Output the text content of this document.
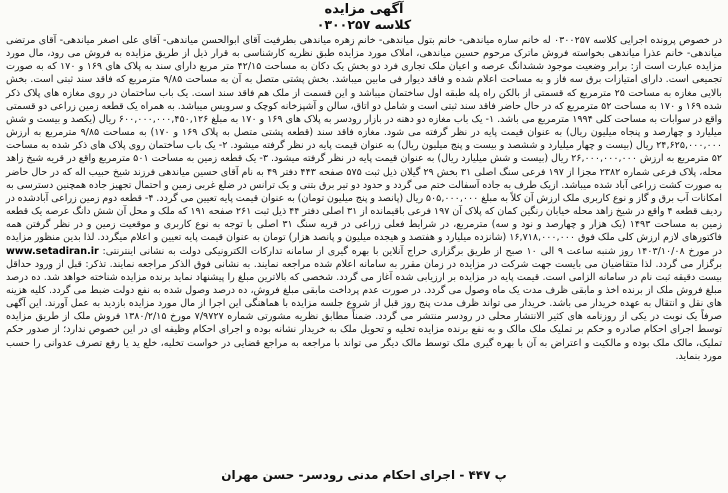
آگهی مزایده

کلاسه ۰۳۰۰۲۵۷

در خصوص پرونده اجرایی کلاسه ۰۳۰۰۲۵۷ له خانم ساره میاندهی- خانم بتول میاندهی- خانم زهره میاندهی بطرفیت آقای ابوالحسن میاندهی- آقای علی اصغر میاندهی- آقای مرتضی میاندهی- خانم عذرا میاندهی بخواسته فروش ماترک مرحوم حسین میاندهی، املاک مورد مزایده طبق نظریه کارشناسی به قرار ذیل از طریق مزایده به فروش می رود، مال مورد مزایده عبارت است از: برابر وضعیت موجود ششدانگ عرصه و اعیان ملک تجاری فرد دو بخش یک دکان به مساحت ۴۲/۱۵ متر مربع دارای سند به پلاک های ۱۶۹ و ۱۷۰ که به صورت تجمیعی است. دارای امتیازات برق سه فاز و به مساحت اعلام شده و فاقد دیوار فی مابین میباشد. بخش پشتی متصل به آن به مساحت ۹/۸۵ مترمربع که فاقد سند ثبتی است. بخش بالایی مغازه به مساحت ۲۵ مترمربع که قسمتی از بالکن راه پله طبقه اول ساختمان میباشد و این قسمت از ملک هم فاقد سند است. یک باب ساختمان در روی مغازه های پلاک ذکر شده ۱۶۹ و ۱۷۰ به مساحت ۵۲ مترمربع که در حال حاضر فاقد سند ثبتی است و شامل دو اتاق، سالن و آشپزخانه کوچک و سرویس میباشد. به همراه یک قطعه زمین زراعی دو قسمتی واقع در سوابات به مساحت کلی ۱۹۹۴ مترمربع می باشد. ۱- یک باب مغازه دو دهنه در بازار رودسر به پلاک های ۱۶۹ و ۱۷۰ به مبلغ ۶۰۰,۰۰۰,۰۰۰,۴۵۰,۱۲۶ ریال (یکصد و بیست و شش میلیارد و چهارصد و پنجاه میلیون ریال) به عنوان قیمت پایه در نظر گرفته می شود. مغازه فاقد سند (قطعه پشتی متصل به پلاک ۱۶۹ و ۱۷۰) به مساحت ۹/۸۵ مترمربع به ارزش ۲۴,۶۲۵,۰۰۰,۰۰۰ ریال (بیست و چهار میلیارد و ششصد و بیست و پنج میلیون ریال) به عنوان قیمت پایه در نظر گرفته میشود. ۲- یک باب ساختمان روی پلاک های ذکر شده به مساحت ۵۲ مترمربع به ارزش ۲۶,۰۰۰,۰۰۰,۰۰۰ ریال (بیست و شش میلیارد ریال) به عنوان قیمت پایه در نظر گرفته میشود. ۳- یک قطعه زمین به مساحت ۵۰۱ مترمربع واقع در قریه شیخ زاهد محله، پلاک فرعی شماره ۲۳۸۲ مجزا از ۱۹۷ فرعی سنگ اصلی ۳۱ بخش ۲۹ گیلان ذیل ثبت ۵۷۵ صفحه ۴۴۳ دفتر ۴۹ به نام آقای حسین میاندهی فرزند شیخ حبیب اله که در حال حاضر به صورت کشت زراعی آباد شده میباشد. ازیک طرف به جاده آسفالت ختم می گردد و حدود دو تیر برق بتنی و یک ترانس در ضلع غربی زمین و احتمال تجهیز جاده همچنین دسترسی به امکانات آب برق و گاز و نوع کاربری ملک ارزش آن کلاً به مبلغ ۵۰۵,۰۰۰,۰۰۰ ریال (پانصد و پنج میلیون تومان) به عنوان قیمت پایه تعیین می گردد. ۴- قطعه دوم زمین زراعی آبادشده در ردیف قطعه ۴ واقع در شیخ زاهد محله خیابان رنگین کمان که پلاک آن ۱۹۷ فرعی باقیمانده از ۳۱ اصلی دفتر ۴۴ ذیل ثبت ۲۶۱ صفحه ۱۹۱ که ملک و محل آن شش دانگ عرصه یک قطعه زمین به مساحت ۱۴۹۳ (یک هزار و چهارصد و نود و سه) مترمربع، در شرایط فعلی زراعی در قریه سنگ ۳۱ اصلی با توجه به نوع کاربری و موقعیت زمین و در نظر گرفتن همه فاکتورهای لازم ارزش کلی ملک فوق ۱۶,۷۱۸,۰۰۰,۰۰۰ (شانزده میلیارد و هفتصد و هیجده میلیون و پانصد هزار) تومان به عنوان قیمت پایه تعیین و اعلام میگردد. لذا بدین منظور مزایده در مورخ ۱۴۰۳/۱۰/۰۸ روز شنبه ساعت ۹ الی ۱۰ صبح از طریق برگزاری حراج آنلاین با بهره گیری از سامانه تدارکات الکترونیکی دولت به نشانی اینترنتی: www.setadiran.ir برگزار می گردد. لذا متقاضیان می بایست جهت شرکت در مزایده در زمان مقرر به سامانه اعلام شده مراجعه نمایند. به نشانی فوق الذکر مراجعه نمایند. تذکر: قبل از ورود حداقل بیست دقیقه ثبت نام در سامانه الزامی است. قیمت پایه در مزایده بر ارزیابی شده آغاز می گردد. شخصی که بالاترین مبلغ را پیشنهاد نماید برنده مزایده شناخته خواهد شد. ده درصد مبلغ فروش ملک از برنده اخذ و مابقی ظرف مدت یک ماه وصول می گردد. در صورت عدم پرداخت مابقی مبلغ فروش، ده درصد وصول شده به نفع دولت ضبط می گردد. کلیه هزینه های نقل و انتقال به عهده خریدار می باشد. خریدار می تواند ظرف مدت پنج روز قبل از شروع جلسه مزایده با هماهنگی این اجرا از مال مورد مزایده بازدید به عمل آورند. این آگهی صرفاً یک نوبت در یکی از روزنامه های کثیر الانتشار محلی در رودسر منتشر می گردد. ضمناً مطابق نظریه مشورتی شماره ۷/۹۷۲۷ مورخ ۱۳۸۰/۲/۱۵ فروش ملک از طریق مزایده توسط اجرای احکام صادره و حکم بر تملیک ملک مالک و به نفع برنده مزایده تخلیه و تحویل ملک به خریدار نشانه بوده و اجرای احکام وظیفه ای در این خصوص ندارد؛ از صدور حکم تملیک، مالک ملک بوده و مالکیت و اعتراض به آن با بهره گیری ملک توسط مالک دیگر می تواند با مراجعه به مراجع قضایی در خواست تخلیه، خلع ید یا رفع تصرف عدوانی را حسب مورد بنماید.

پ ۴۴۷ - اجرای احکام مدنی رودسر- حسن مهران
